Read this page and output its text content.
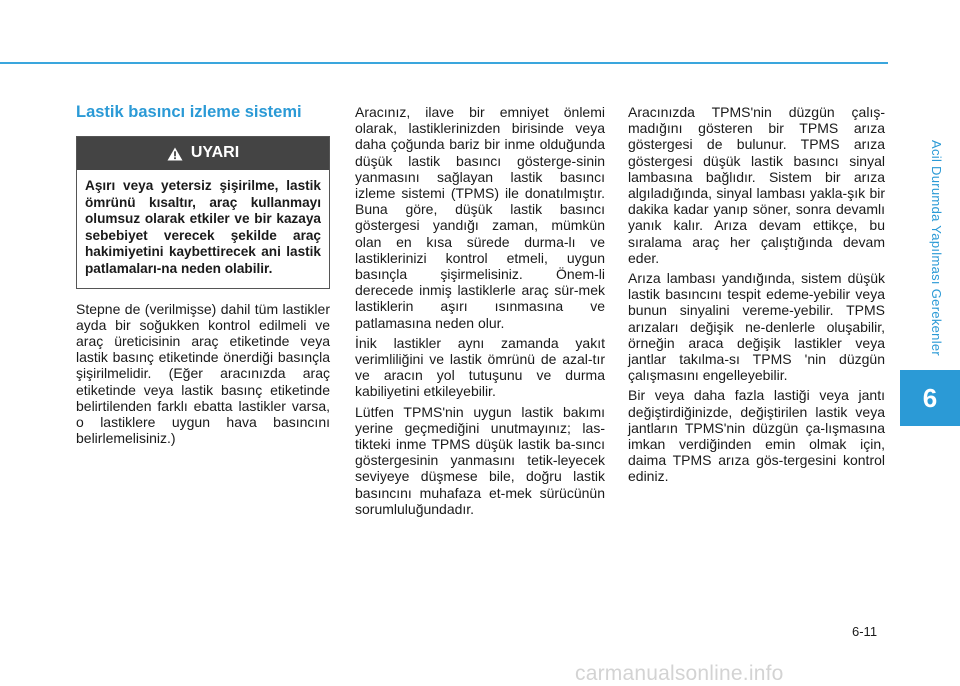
Acil Durumda Yapılması Gerekenler
6
Lastik basıncı izleme sistemi
UYARI
Aşırı veya yetersiz şişirilme, lastik ömrünü kısaltır, araç kullanmayı olumsuz olarak etkiler ve bir kazaya sebebiyet verecek şekilde araç hakimiyetini kaybettirecek ani lastik patlamaları-na neden olabilir.

Stepne de (verilmişse) dahil tüm lastikler ayda bir soğukken kontrol edilmeli ve araç üreticisinin araç etiketinde veya lastik basınç etiketinde önerdiği basınçla şişirilmelidir. (Eğer aracınızda araç etiketinde veya lastik basınç etiketinde belirtilenden farklı ebatta lastikler varsa, o lastiklere uygun hava basıncını belirlemelisiniz.)

Aracınız, ilave bir emniyet önlemi olarak, lastiklerinizden birisinde veya daha çoğunda bariz bir inme olduğunda düşük lastik basıncı gösterge-sinin yanmasını sağlayan lastik basıncı izleme sistemi (TPMS) ile donatılmıştır. Buna göre, düşük lastik basıncı göstergesi yandığı zaman, mümkün olan en kısa sürede durma-lı ve lastiklerinizi kontrol etmeli, uygun basınçla şişirmelisiniz. Önem-li derecede inmiş lastiklerle araç sür-mek lastiklerin aşırı ısınmasına ve patlamasına neden olur.

İnik lastikler aynı zamanda yakıt verimliliğini ve lastik ömrünü de azal-tır ve aracın yol tutuşunu ve durma kabiliyetini etkileyebilir.

Lütfen TPMS'nin uygun lastik bakımı yerine geçmediğini unutmayınız; las-tikteki inme TPMS düşük lastik ba-sıncı göstergesinin yanmasını tetik-leyecek seviyeye düşmese bile, doğru lastik basıncını muhafaza et-mek sürücünün sorumluluğundadır.

Aracınızda TPMS'nin düzgün çalış-madığını gösteren bir TPMS arıza göstergesi de bulunur. TPMS arıza göstergesi düşük lastik basıncı sinyal lambasına bağlıdır. Sistem bir arıza algıladığında, sinyal lambası yakla-şık bir dakika kadar yanıp söner, sonra devamlı yanık kalır. Arıza devam ettikçe, bu sıralama araç her çalıştığında devam eder.

Arıza lambası yandığında, sistem düşük lastik basıncını tespit edeme-yebilir veya bunun sinyalini vereme-yebilir. TPMS arızaları değişik ne-denlerle oluşabilir, örneğin araca değişik lastikler veya jantlar takılma-sı TPMS 'nin düzgün çalışmasını engelleyebilir.

Bir veya daha fazla lastiği veya jantı değiştirdiğinizde, değiştirilen lastik veya jantların TPMS'nin düzgün ça-lışmasına imkan verdiğinden emin olmak için, daima TPMS arıza gös-tergesini kontrol ediniz.

6-11
carmanualsonline.info
